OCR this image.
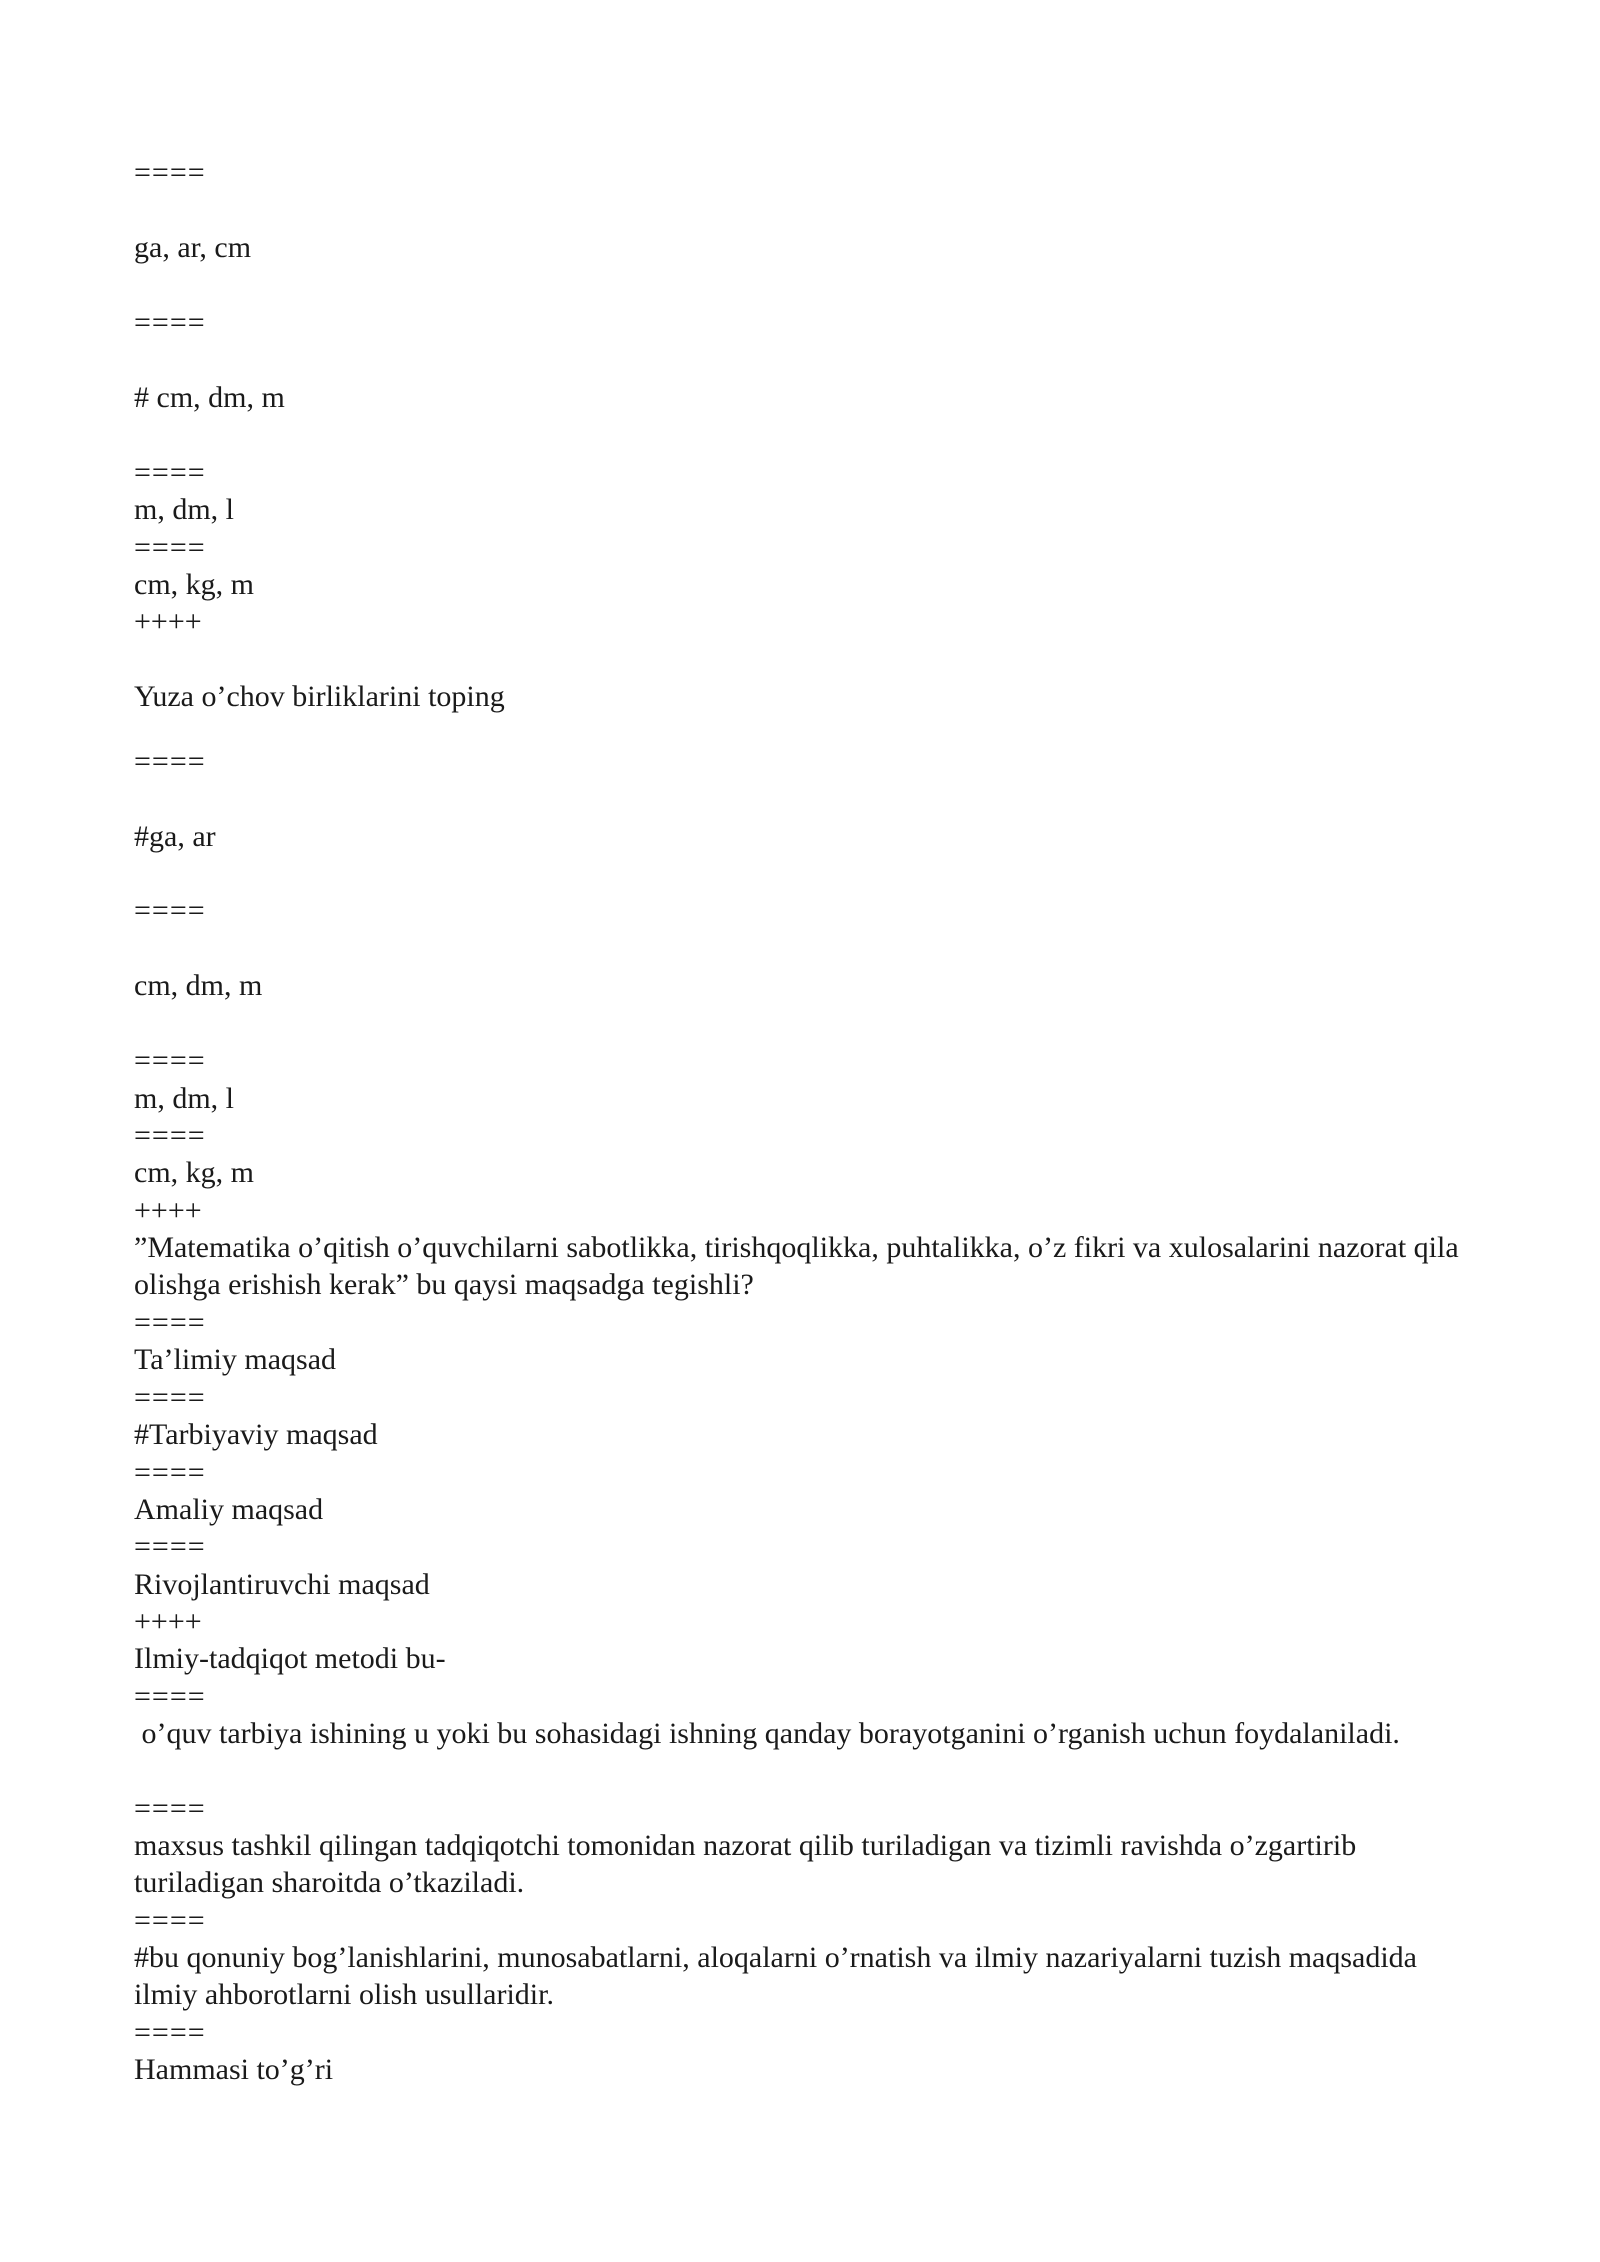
====

ga, ar, cm

====

# cm, dm, m

====

m, dm, l

====

cm, kg, m

++++

Yuza o’chov birliklarini toping

====

#ga, ar

====

cm, dm, m

====

m, dm, l

====

cm, kg, m

++++

”Matematika o’qitish o’quvchilarni sabotlikka, tirishqoqlikka, puhtalikka, o’z fikri va xulosalarini nazorat qila olishga erishish kerak” bu qaysi maqsadga tegishli?

====

Ta’limiy maqsad

====

#Tarbiyaviy maqsad

====

Amaliy maqsad

====

Rivojlantiruvchi maqsad

++++

Ilmiy-tadqiqot metodi bu-

====

o’quv tarbiya ishining u yoki bu sohasidagi ishning qanday borayotganini o’rganish uchun foydalaniladi.

====

maxsus tashkil qilingan tadqiqotchi tomonidan nazorat qilib turiladigan va tizimli ravishda o’zgartirib turiladigan sharoitda o’tkaziladi.

====

#bu qonuniy bog’lanishlarini, munosabatlarni, aloqalarni o’rnatish va ilmiy nazariyalarni tuzish maqsadida ilmiy ahborotlarni olish usullaridir.

====

Hammasi to’g’ri
